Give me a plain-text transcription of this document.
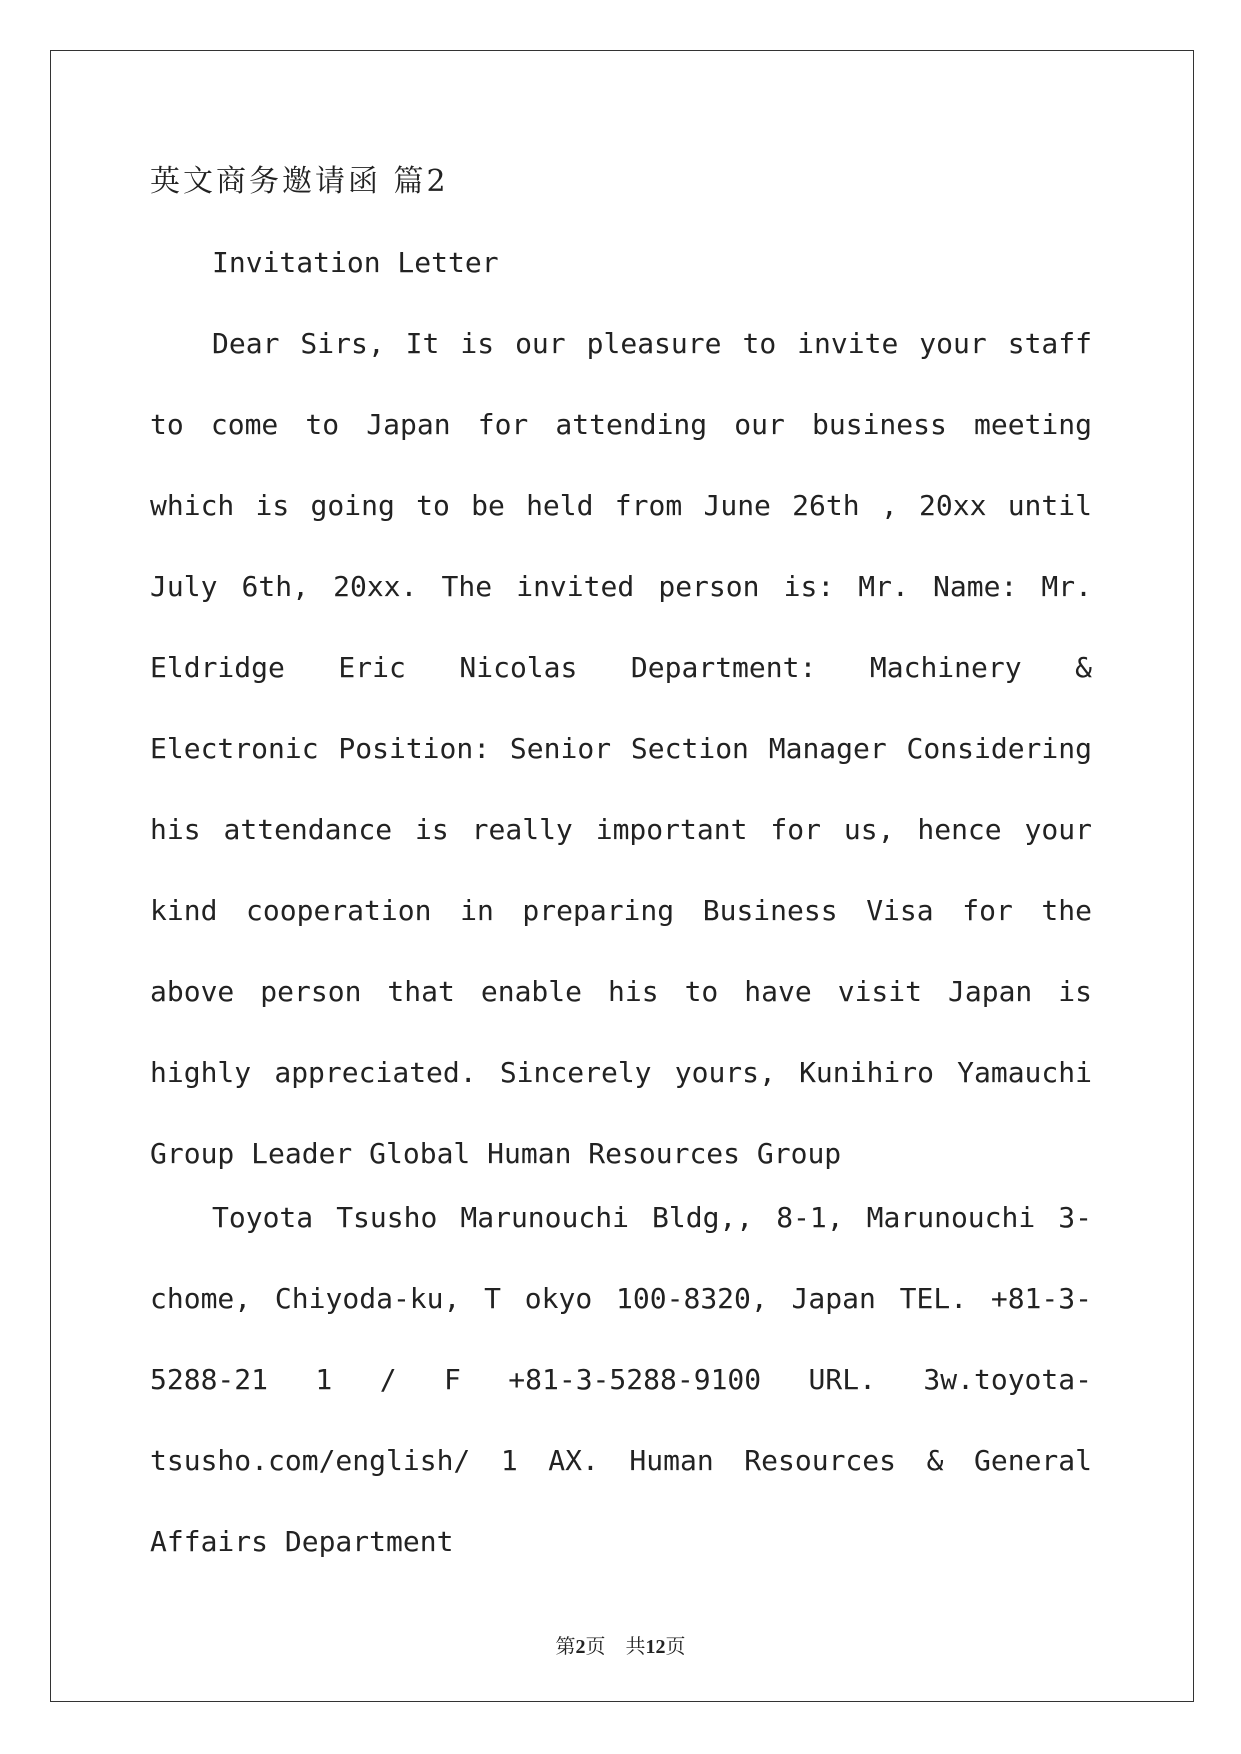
英文商务邀请函 篇2

Invitation Letter

Dear Sirs, It is our pleasure to invite your staff to come to Japan for attending our business meeting which is going to be held from June 26th , 20xx until July 6th, 20xx. The invited person is: Mr. Name: Mr. Eldridge Eric Nicolas Department: Machinery & Electronic Position: Senior Section Manager Considering his attendance is really important for us, hence your kind cooperation in preparing Business Visa for the above person that enable his to have visit Japan is highly appreciated. Sincerely yours, Kunihiro Yamauchi Group Leader Global Human Resources Group

Toyota Tsusho Marunouchi Bldg,, 8-1, Marunouchi 3-chome, Chiyoda-ku, T okyo 100-8320, Japan TEL. +81-3-5288-21 1 / F +81-3-5288-9100 URL. 3w.toyota-tsusho.com/english/ 1 AX. Human Resources & General Affairs Department

第2页　共12页
